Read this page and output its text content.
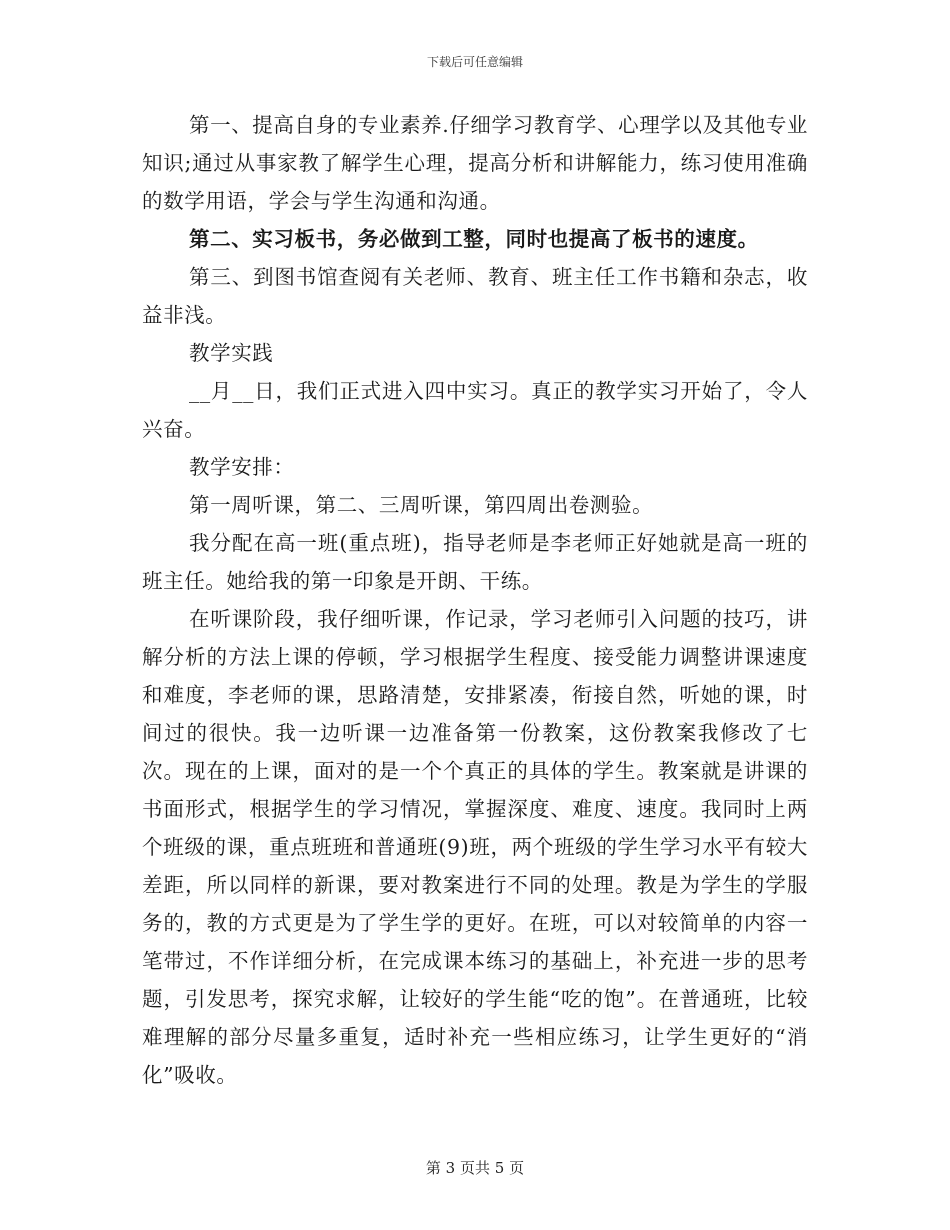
下载后可任意编辑

第一、提高自身的专业素养.仔细学习教育学、心理学以及其他专业知识;通过从事家教了解学生心理，提高分析和讲解能力，练习使用准确的数学用语，学会与学生沟通和沟通。

第二、实习板书，务必做到工整，同时也提高了板书的速度。

第三、到图书馆查阅有关老师、教育、班主任工作书籍和杂志，收益非浅。

教学实践

__月__日，我们正式进入四中实习。真正的教学实习开始了，令人兴奋。

教学安排：

第一周听课，第二、三周听课，第四周出卷测验。

我分配在高一班(重点班)，指导老师是李老师正好她就是高一班的班主任。她给我的第一印象是开朗、干练。

在听课阶段，我仔细听课，作记录，学习老师引入问题的技巧，讲解分析的方法上课的停顿，学习根据学生程度、接受能力调整讲课速度和难度，李老师的课，思路清楚，安排紧凑，衔接自然，听她的课，时间过的很快。我一边听课一边准备第一份教案，这份教案我修改了七次。现在的上课，面对的是一个个真正的具体的学生。教案就是讲课的书面形式，根据学生的学习情况，掌握深度、难度、速度。我同时上两个班级的课，重点班班和普通班(9)班，两个班级的学生学习水平有较大差距，所以同样的新课，要对教案进行不同的处理。教是为学生的学服务的，教的方式更是为了学生学的更好。在班，可以对较简单的内容一笔带过，不作详细分析，在完成课本练习的基础上，补充进一步的思考题，引发思考，探究求解，让较好的学生能“吃的饱”。在普通班，比较难理解的部分尽量多重复，适时补充一些相应练习，让学生更好的“消化”吸收。

第 3 页共 5 页
